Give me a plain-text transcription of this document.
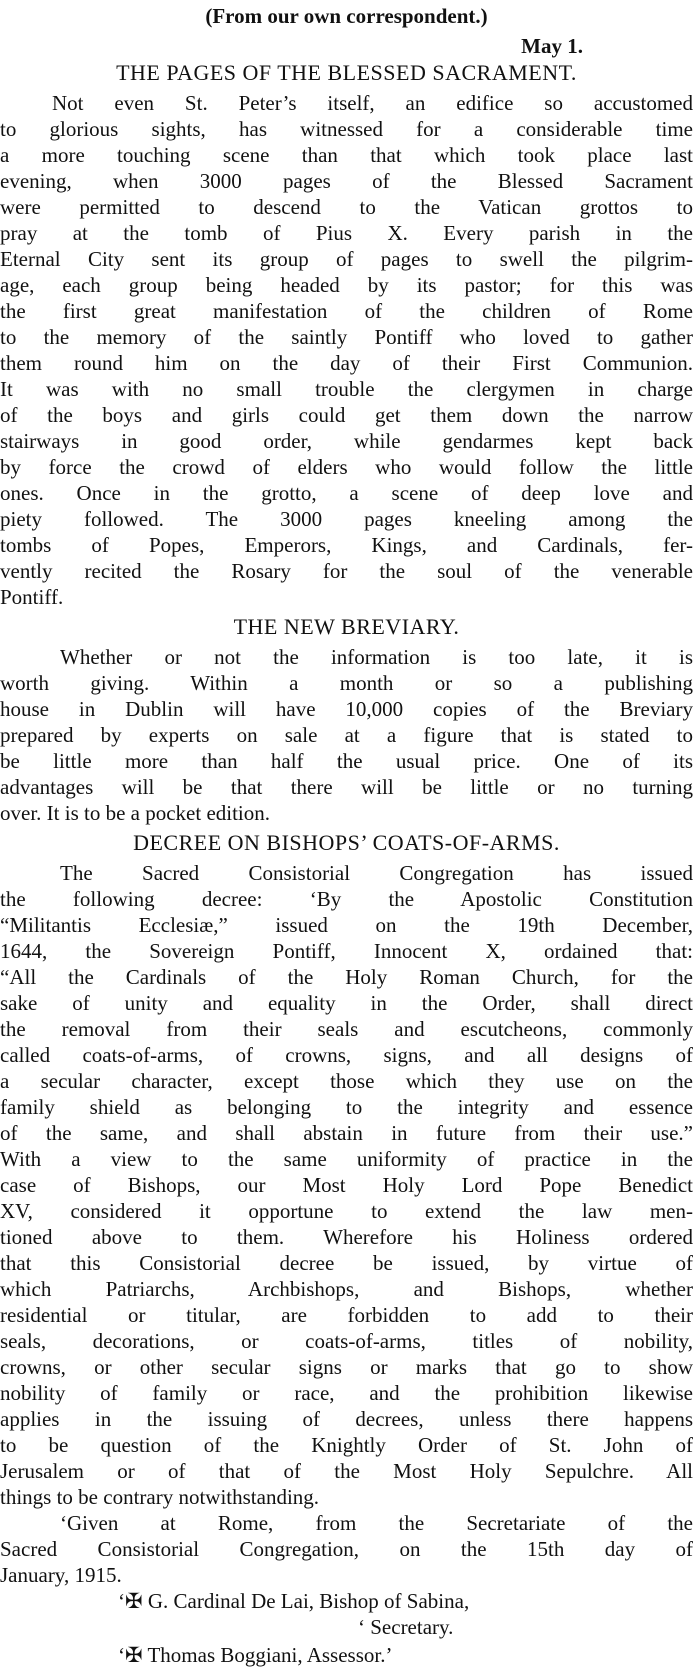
(From our own correspondent.)
May 1.
THE PAGES OF THE BLESSED SACRAMENT.
Not even St. Peter’s itself, an edifice so accustomed
to glorious sights, has witnessed for a considerable time
a more touching scene than that which took place last
evening, when 3000 pages of the Blessed Sacrament
were permitted to descend to the Vatican grottos to
pray at the tomb of Pius X. Every parish in the
Eternal City sent its group of pages to swell the pilgrim-
age, each group being headed by its pastor; for this was
the first great manifestation of the children of Rome
to the memory of the saintly Pontiff who loved to gather
them round him on the day of their First Communion.
It was with no small trouble the clergymen in charge
of the boys and girls could get them down the narrow
stairways in good order, while gendarmes kept back
by force the crowd of elders who would follow the little
ones. Once in the grotto, a scene of deep love and
piety followed. The 3000 pages kneeling among the
tombs of Popes, Emperors, Kings, and Cardinals, fer-
vently recited the Rosary for the soul of the venerable
Pontiff.
THE NEW BREVIARY.
Whether or not the information is too late, it is
worth giving. Within a month or so a publishing
house in Dublin will have 10,000 copies of the Breviary
prepared by experts on sale at a figure that is stated to
be little more than half the usual price. One of its
advantages will be that there will be little or no turning
over. It is to be a pocket edition.
DECREE ON BISHOPS’ COATS-OF-ARMS.
The Sacred Consistorial Congregation has issued
the following decree: ‘By the Apostolic Constitution
“Militantis Ecclesiæ,” issued on the 19th December,
1644, the Sovereign Pontiff, Innocent X, ordained that:
“All the Cardinals of the Holy Roman Church, for the
sake of unity and equality in the Order, shall direct
the removal from their seals and escutcheons, commonly
called coats-of-arms, of crowns, signs, and all designs of
a secular character, except those which they use on the
family shield as belonging to the integrity and essence
of the same, and shall abstain in future from their use.”
With a view to the same uniformity of practice in the
case of Bishops, our Most Holy Lord Pope Benedict
XV, considered it opportune to extend the law men-
tioned above to them. Wherefore his Holiness ordered
that this Consistorial decree be issued, by virtue of
which Patriarchs, Archbishops, and Bishops, whether
residential or titular, are forbidden to add to their
seals, decorations, or coats-of-arms, titles of nobility,
crowns, or other secular signs or marks that go to show
nobility of family or race, and the prohibition likewise
applies in the issuing of decrees, unless there happens
to be question of the Knightly Order of St. John of
Jerusalem or of that of the Most Holy Sepulchre. All
things to be contrary notwithstanding.
‘Given at Rome, from the Secretariate of the
Sacred Consistorial Congregation, on the 15th day of
January, 1915.
‘✠ G. Cardinal De Lai, Bishop of Sabina,
‘ Secretary.
‘✠ Thomas Boggiani, Assessor.’
